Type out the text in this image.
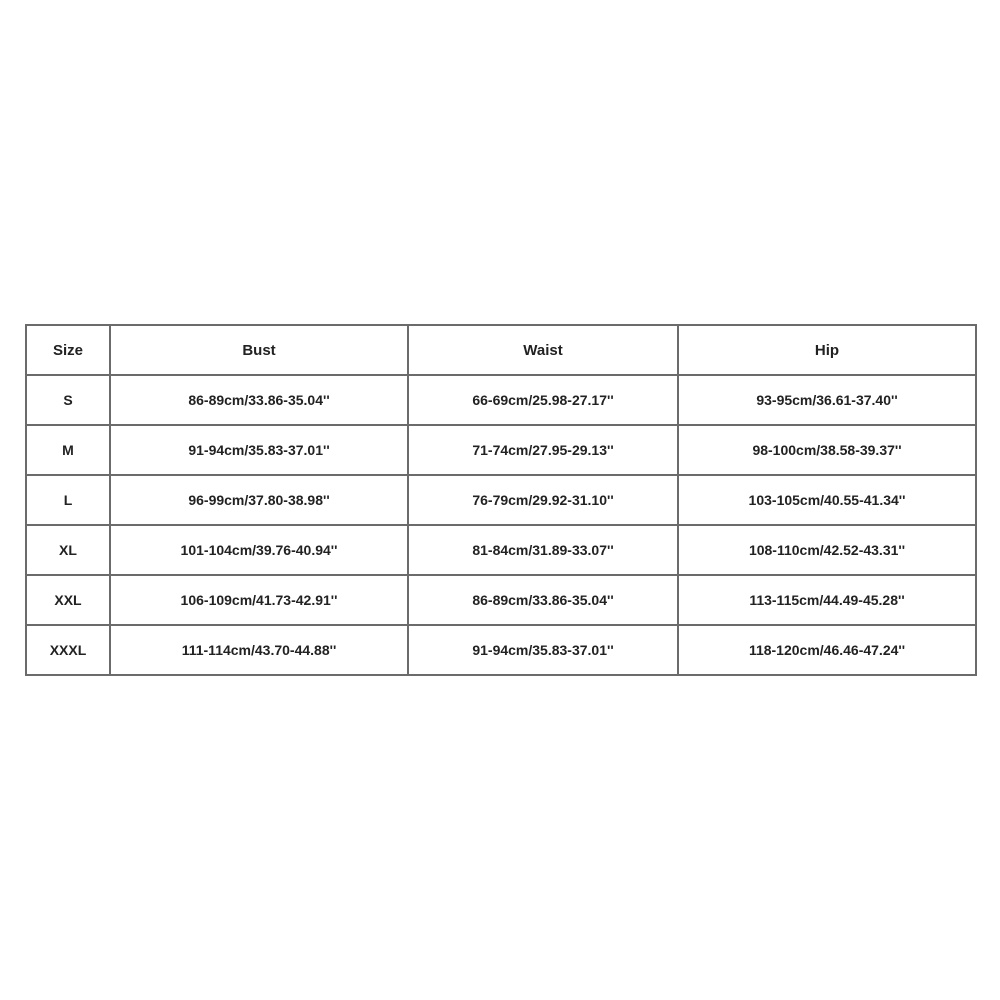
Size	Bust	Waist	Hip
S	86-89cm/33.86-35.04''	66-69cm/25.98-27.17''	93-95cm/36.61-37.40''
M	91-94cm/35.83-37.01''	71-74cm/27.95-29.13''	98-100cm/38.58-39.37''
L	96-99cm/37.80-38.98''	76-79cm/29.92-31.10''	103-105cm/40.55-41.34''
XL	101-104cm/39.76-40.94''	81-84cm/31.89-33.07''	108-110cm/42.52-43.31''
XXL	106-109cm/41.73-42.91''	86-89cm/33.86-35.04''	113-115cm/44.49-45.28''
XXXL	111-114cm/43.70-44.88''	91-94cm/35.83-37.01''	118-120cm/46.46-47.24''
